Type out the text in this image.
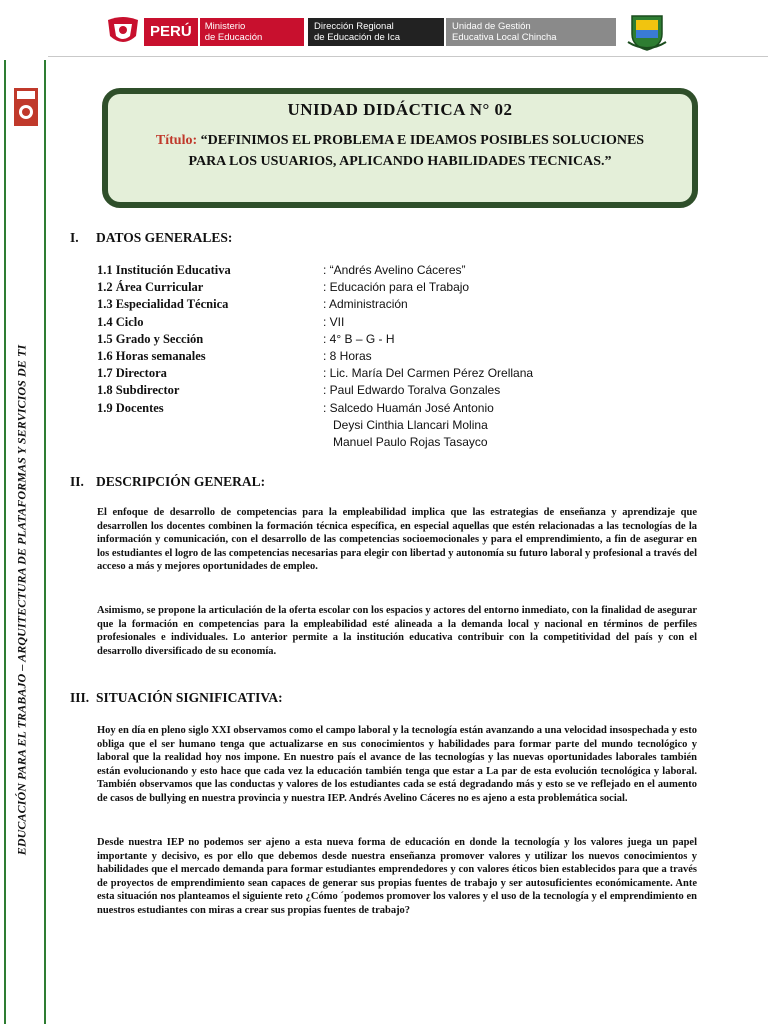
PERÚ	Ministerio
de Educación
Dirección Regional
de Educación de Ica
Unidad de Gestión
Educativa Local Chincha
EDUCACIÓN PARA EL TRABAJO – ARQUITECTURA DE PLATAFORMAS Y SERVICIOS DE TI
UNIDAD DIDÁCTICA N° 02
Título: “DEFINIMOS EL PROBLEMA E IDEAMOS POSIBLES SOLUCIONES PARA LOS USUARIOS, APLICANDO HABILIDADES TECNICAS.”
I. DATOS GENERALES:
1.1 Institución Educativa	: “Andrés Avelino Cáceres”
1.2 Área Curricular	: Educación para el Trabajo
1.3 Especialidad Técnica	: Administración
1.4 Ciclo	: VII
1.5 Grado y Sección	: 4° B – G - H
1.6 Horas semanales	: 8 Horas
1.7 Directora	: Lic. María Del Carmen Pérez Orellana
1.8 Subdirector	: Paul Edwardo Toralva Gonzales
1.9 Docentes	: Salcedo Huamán José Antonio
Deysi Cinthia Llancari Molina
Manuel Paulo Rojas Tasayco
II. DESCRIPCIÓN GENERAL:

El enfoque de desarrollo de competencias para la empleabilidad implica que las estrategias de enseñanza y aprendizaje que desarrollen los docentes combinen la formación técnica específica, en especial aquellas que estén relacionadas a las tecnologías de la información y comunicación, con el desarrollo de las competencias socioemocionales y para el emprendimiento, a fin de asegurar en los estudiantes el logro de las competencias necesarias para elegir con libertad y autonomía su futuro laboral y profesional a través del acceso a más y mejores oportunidades de empleo.

Asimismo, se propone la articulación de la oferta escolar con los espacios y actores del entorno inmediato, con la finalidad de asegurar que la formación en competencias para la empleabilidad esté alineada a la demanda local y nacional en términos de perfiles profesionales e individuales. Lo anterior permite a la institución educativa contribuir con la competitividad del país y con el desarrollo diversificado de su economía.

III. SITUACIÓN SIGNIFICATIVA:

Hoy en día en pleno siglo XXI observamos como el campo laboral y la tecnología están avanzando a una velocidad insospechada y esto obliga que el ser humano tenga que actualizarse en sus conocimientos y habilidades para formar parte del mundo tecnológico y laboral que la realidad hoy nos impone. En nuestro país el avance de las tecnologías y las nuevas oportunidades laborales también están evolucionando y esto hace que cada vez la educación también tenga que estar a La par de esta evolución tecnológica y laboral. También observamos que las conductas y valores de los estudiantes cada se está degradando más y esto se ve reflejado en el aumento de casos de bullying en nuestra provincia y nuestra IEP. Andrés Avelino Cáceres no es ajeno a esta problemática social.

Desde nuestra IEP no podemos ser ajeno a esta nueva forma de educación en donde la tecnología y los valores juega un papel importante y decisivo, es por ello que debemos desde nuestra enseñanza promover valores y utilizar los nuevos conocimientos y habilidades que el mercado demanda para formar estudiantes emprendedores y con valores éticos bien establecidos para que a través de proyectos de emprendimiento sean capaces de generar sus propias fuentes de trabajo y ser autosuficientes económicamente. Ante esta situación nos planteamos el siguiente reto ¿Cómo ´podemos promover los valores y el uso de la tecnología y el emprendimiento en nuestros estudiantes con miras a crear sus propias fuentes de trabajo?
